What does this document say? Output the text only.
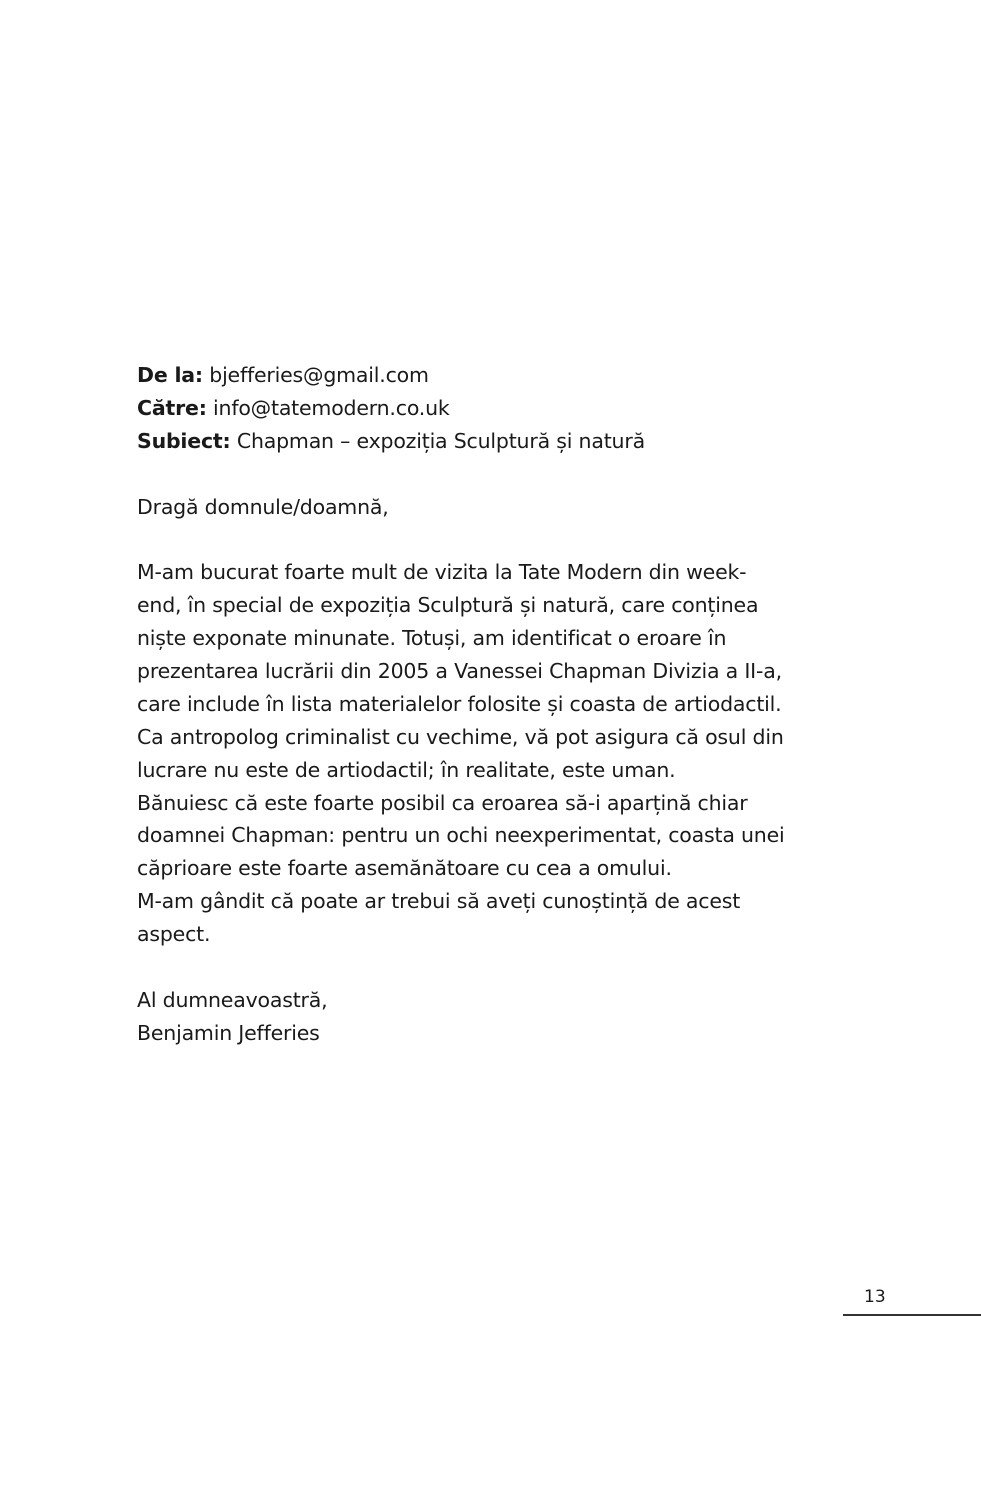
De la: bjefferies@gmail.com
Către: info@tatemodern.co.uk
Subiect: Chapman – expoziția Sculptură și natură
Dragă domnule/doamnă,
M-am bucurat foarte mult de vizita la Tate Modern din week-
end, în special de expoziția Sculptură și natură, care conținea
niște exponate minunate. Totuși, am identificat o eroare în
prezentarea lucrării din 2005 a Vanessei Chapman Divizia a II-a,
care include în lista materialelor folosite și coasta de artiodactil.
Ca antropolog criminalist cu vechime, vă pot asigura că osul din
lucrare nu este de artiodactil; în realitate, este uman.
Bănuiesc că este foarte posibil ca eroarea să-i aparțină chiar
doamnei Chapman: pentru un ochi neexperimentat, coasta unei
căprioare este foarte asemănătoare cu cea a omului.
M-am gândit că poate ar trebui să aveți cunoștință de acest
aspect.
Al dumneavoastră,
Benjamin Jefferies
13
